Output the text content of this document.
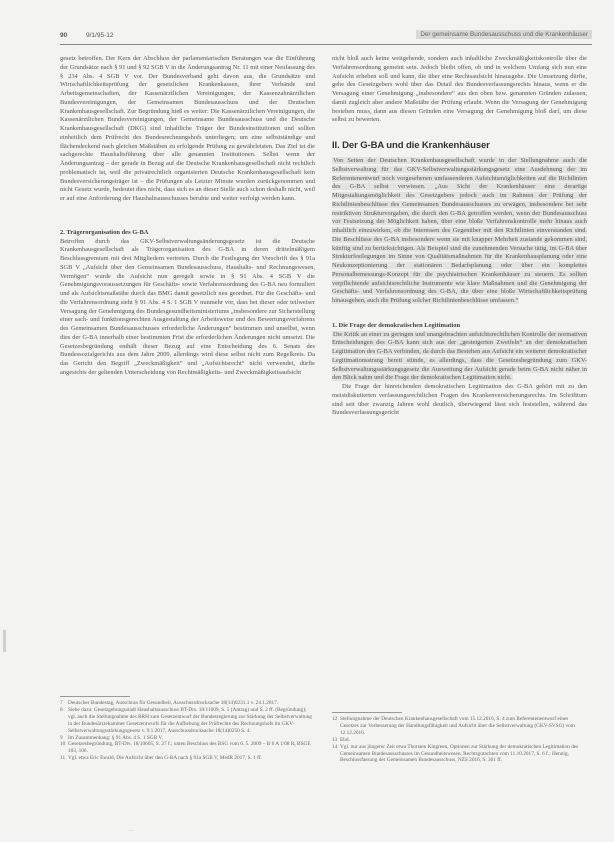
90	9/1/95-12	Der gemeinsame Bundesausschuss und die Krankenhäuser

gesetz betroffen. Der Kern der Abschluss der parlamentarischen Beratungen war die Einführung der Grundsätze nach § 91 und § 92 SGB V in die Änderungsantrag Nr. 11 mit einer Neufassung des § 234 Abs. 4 SGB V vor. Der Bundesverband geht davon aus, die Grundsätze und Wirtschaftlichkeitsprüfung der gesetzlichen Krankenkassen, ihrer Verbände und Arbeitsgemeinschaften, der Kassenärztlichen Vereinigungen, der Kassenzahnärztlichen Bundesvereinigungen, der Gemeinsamen Bundesausschuss und der Deutschen Krankenhausgesellschaft. Zur Begründung hieß es weiter: Die Kassenärztlichen Vereinigungen, die Kassenärztlichen Bundesvereinigungen, der Gemeinsame Bundesausschuss und die Deutsche Krankenhausgesellschaft (DKG) sind inhaltliche Träger der Bundesinstitutionen und sollten einheitlich dem Prüfrecht des Bundesrechnungshofs unterliegen; um eine selbstständige und flächendeckend nach gleichen Maßstäben zu erfolgende Prüfung zu gewährleisten. Das Ziel ist die sachgerechte Haushaltsführung über alle genannten Institutionen. Selbst wenn der Änderungsantrag – der gerade in Bezug auf die Deutsche Krankenhausgesellschaft nicht rechtlich problematisch ist, weil die privatrechtlich organisierten Deutsche Krankenhausgesellschaft kein Bundesversicherungsträger ist – die Prüfungen als Letzter Minute wurden zurückgenommen und nicht Gesetz wurde, bedeutet dies nicht, dass sich es an dieser Stelle auch schon deshalb nicht, weil er auf eine Anforderung der Haushaltsausschusses beruhte und weiter verfolgt werden kann.

2. Trägerorganisation des G-BA

Betroffen durch das GKV-Selbstverwaltungsänderungsgesetz ist die Deutsche Krankenhausgesellschaft als Trägerorganisation des G-BA in deren drittelmäßigem Beschlussgremium mit drei Mitgliedern vertreten. Durch die Festlegung der Vorschrift des § 91a SGB V „Aufsicht über den Gemeinsamen Bundesausschuss, Haushalts- und Rechnungswesen, Vermögen“ wurde die Aufsicht nun geregelt sowie in § 91 Abs. 4 SGB V die Genehmigungsvoraussetzungen für Geschäfts- sowie Verfahrensordnung des G-BA neu formuliert und als Aufsichtsmaßstäbe durch das BMG damit gesetzlich neu geordnet. Für die Geschäfts- und die Verfahrensordnung sieht § 91 Abs. 4 S. 1 SGB V nunmehr vor, dass bei dieser oder teilweiser Versagung der Genehmigung des Bundesgesundheitsministeriums „insbesondere zur Sicherstellung einer sach- und funktionsgerechten Ausgestaltung der Arbeitsweise und des Bewertungsverfahrens des Gemeinsamen Bundesausschusses erforderliche Änderungen“ bestimmen und unselbst, wenn dies der G-BA innerhalb einer bestimmten Frist die erforderlichen Änderungen nicht umsetzt. Die Gesetzesbegründung enthält dieser Bezug auf eine Entscheidung des 6. Senats des Bundessozialgerichts aus dem Jahre 2009, allerdings wird diese selbst nicht zum Regelkreis. Da das Gericht den Begriff „Zweckmäßigkeit“ und „Aufsichtsrecht“ nicht verwendet, dürfte angesichts der geltenden Unterscheidung von Rechtmäßigkeits- und Zweckmäßigkeitsaufsicht

nicht bloß auch keine weitgehende, sondern auch inhaltliche Zweckmäßigkeitskontrolle über die Verfahrensordnung gemeint sein. Jedoch bleibt offen, ob und in welchem Umfang sich nun eine Aufsicht erheben soll und kann, die über eine Rechtsaufsicht hinausgehe. Die Umsetzung dürfte, gehe des Gesetzgebers wohl über das Detail des Bundesverfassungsrechts hinaus, wenn er die Versagung einer Genehmigung „insbesondere“ aus den oben bzw. genannten Gründen zulassen, damit zugleich aber andere Maßstäbe der Prüfung erlaubt. Wenn die Versagung der Genehmigung bestehen muss, dann aus diesen Gründen eine Versagung der Genehmigung bloß darf, um diese selbst zu bewerten.

II. Der G-BA und die Krankenhäuser

Von Seiten der Deutschen Krankenhausgesellschaft wurde in der Stellungnahme auch die Selbstverwaltung für das GKV-Selbstverwaltungsstärkungsgesetz eine Ausdehnung der im Referentenentwurf noch vorgesehenen umfassenderen Aufsichtsmöglichkeiten auf die Richtlinien des G-BA selbst verwiesen. „Aus Sicht der Krankenhäuser eine derartige Mitgestaltungsmöglichkeit des Gesetzgebers jedoch auch im Rahmen der Prüfung der Richtlinienbeschlüsse des Gemeinsamen Bundesausschusses zu erwägen, insbesondere bei sehr restriktiven Strukturvorgaben, die durch den G-BA getroffen werden, wenn der Bundesausschuss vor Festsetzung der Möglichkeit haben, über eine bloße Verfahrenskontrolle mehr hinaus auch inhaltlich einzuwirken, ob die Interessen des Gegenüber mit den Richtlinien einverstanden sind. Die Beschlüsse des G-BA insbesondere wenn sie mit knapper Mehrheit zustande gekommen sind, künftig sind zu berücksichtigen. Als Beispiel sind die zunehmenden Versuche tätig, im G-BA über Strukturfestlegungen im Sinne von Qualitätsmaßnahmen für die Krankenhausplanung oder eine Neukonzeptionierung der stationären Bedarfsplanung oder über ein komplettes Personalbemessungs-Konzept für die psychiatrischen Krankenhäuser zu steuern. Es sollten verpflichtende aufsichtsrechtliche Instrumente wie klare Maßnahmen und die Genehmigung der Geschäfts- und Verfahrensordnung des G-BA, die über eine bloße Wirtschaftlichkeitsprüfung hinausgehen, auch die Prüfung solcher Richtlinienbeschlüsse umfassen.“

1. Die Frage der demokratischen Legitimation

Die Kritik an einer zu geringen und unangebrachten aufsichtsrechtlichen Kontrolle der normativen Entscheidungen des G-BA kann sich aus der „gesteigerten Zweifeln“ an der demokratischen Legitimation des G-BA verbinden, da durch das Bestehen aus Aufsicht ein weiterer demokratischer Legitimationsstrang bereit stünde, es allerdings, dass die Gesetzesbegründung zum GKV-Selbstverwaltungsstärkungsgesetz die Ausweitung der Aufsicht gerade beim G-BA nicht näher in den Blick nahm und die Frage der demokratischen Legitimation nicht.

Die Frage der hinreichenden demokratischen Legitimation des G-BA gehört mit zu den meistdiskutierten verfassungsrechtlichen Fragen des Krankenversicherungsrechts. Im Schrifttum sind seit über zwanzig Jahren wohl deutlich, überwiegend lässt sich feststellen, während das Bundesverfassungsgericht

7 Deutscher Bundestag, Ausschuss für Gesundheit, Ausschussdrucksache 18(14)0231.1 v. 24.1.2017.

8 Siehe dazu: Gesetzgebungsstadt Haushaltsausschuss BT-Drs. 18/11009, S. 5 (Antrag) und S. 2 ff. (Begründung); vgl. auch die Stellungnahme des BRH zum Gesetzentwurf der Bundesregierung zur Stärkung der Selbstverwaltung in der Bundesärztekammer Gesetzentwurfs für die Aufhebung der Prüfrechte des Rechnungshofs im GKV-Selbstverwaltungsstärkungsgesetz v. 9.1.2017, Ausschussdrucksache 18(14)0250 S. 4.

9 Im Zusammenhang: § 91 Abs. 4 S. 1 SGB V.

10 Gesetzesbegründung, BT-Drs. 18/10605, S. 27 f.; unten Beschluss des BSG vom 6. 5. 2009 – B 6 A 1/08 R, BSGE 103, 106.

11 Vgl. etwa Eric Ewald, Die Aufsicht über den G-BA nach § 91a SGB V, MedR 2017, S. 1 ff.

12 Stellungnahme der Deutschen Krankenhausgesellschaft vom 15.12.2016, S. 4 zum Referentenentwurf eines Gesetzes zur Verbesserung der Handlungsfähigkeit und Aufsicht über die Selbstverwaltung (GKV-SVSG) vom 12.12.2016.

13 Ebd.

14 Vgl. nur aus jüngerer Zeit etwa Thorsten Kingreen, Optionen zur Stärkung der demokratischen Legitimation des Gemeinsamen Bundesausschusses im Gesundheitswesen, Rechtsgutachten vom 11.10.2017, S. 6 f.; Hennig, Beschlussfassung der Gemeinsamen Bundesausschuss, NZS 2016, S. 361 ff.

…
